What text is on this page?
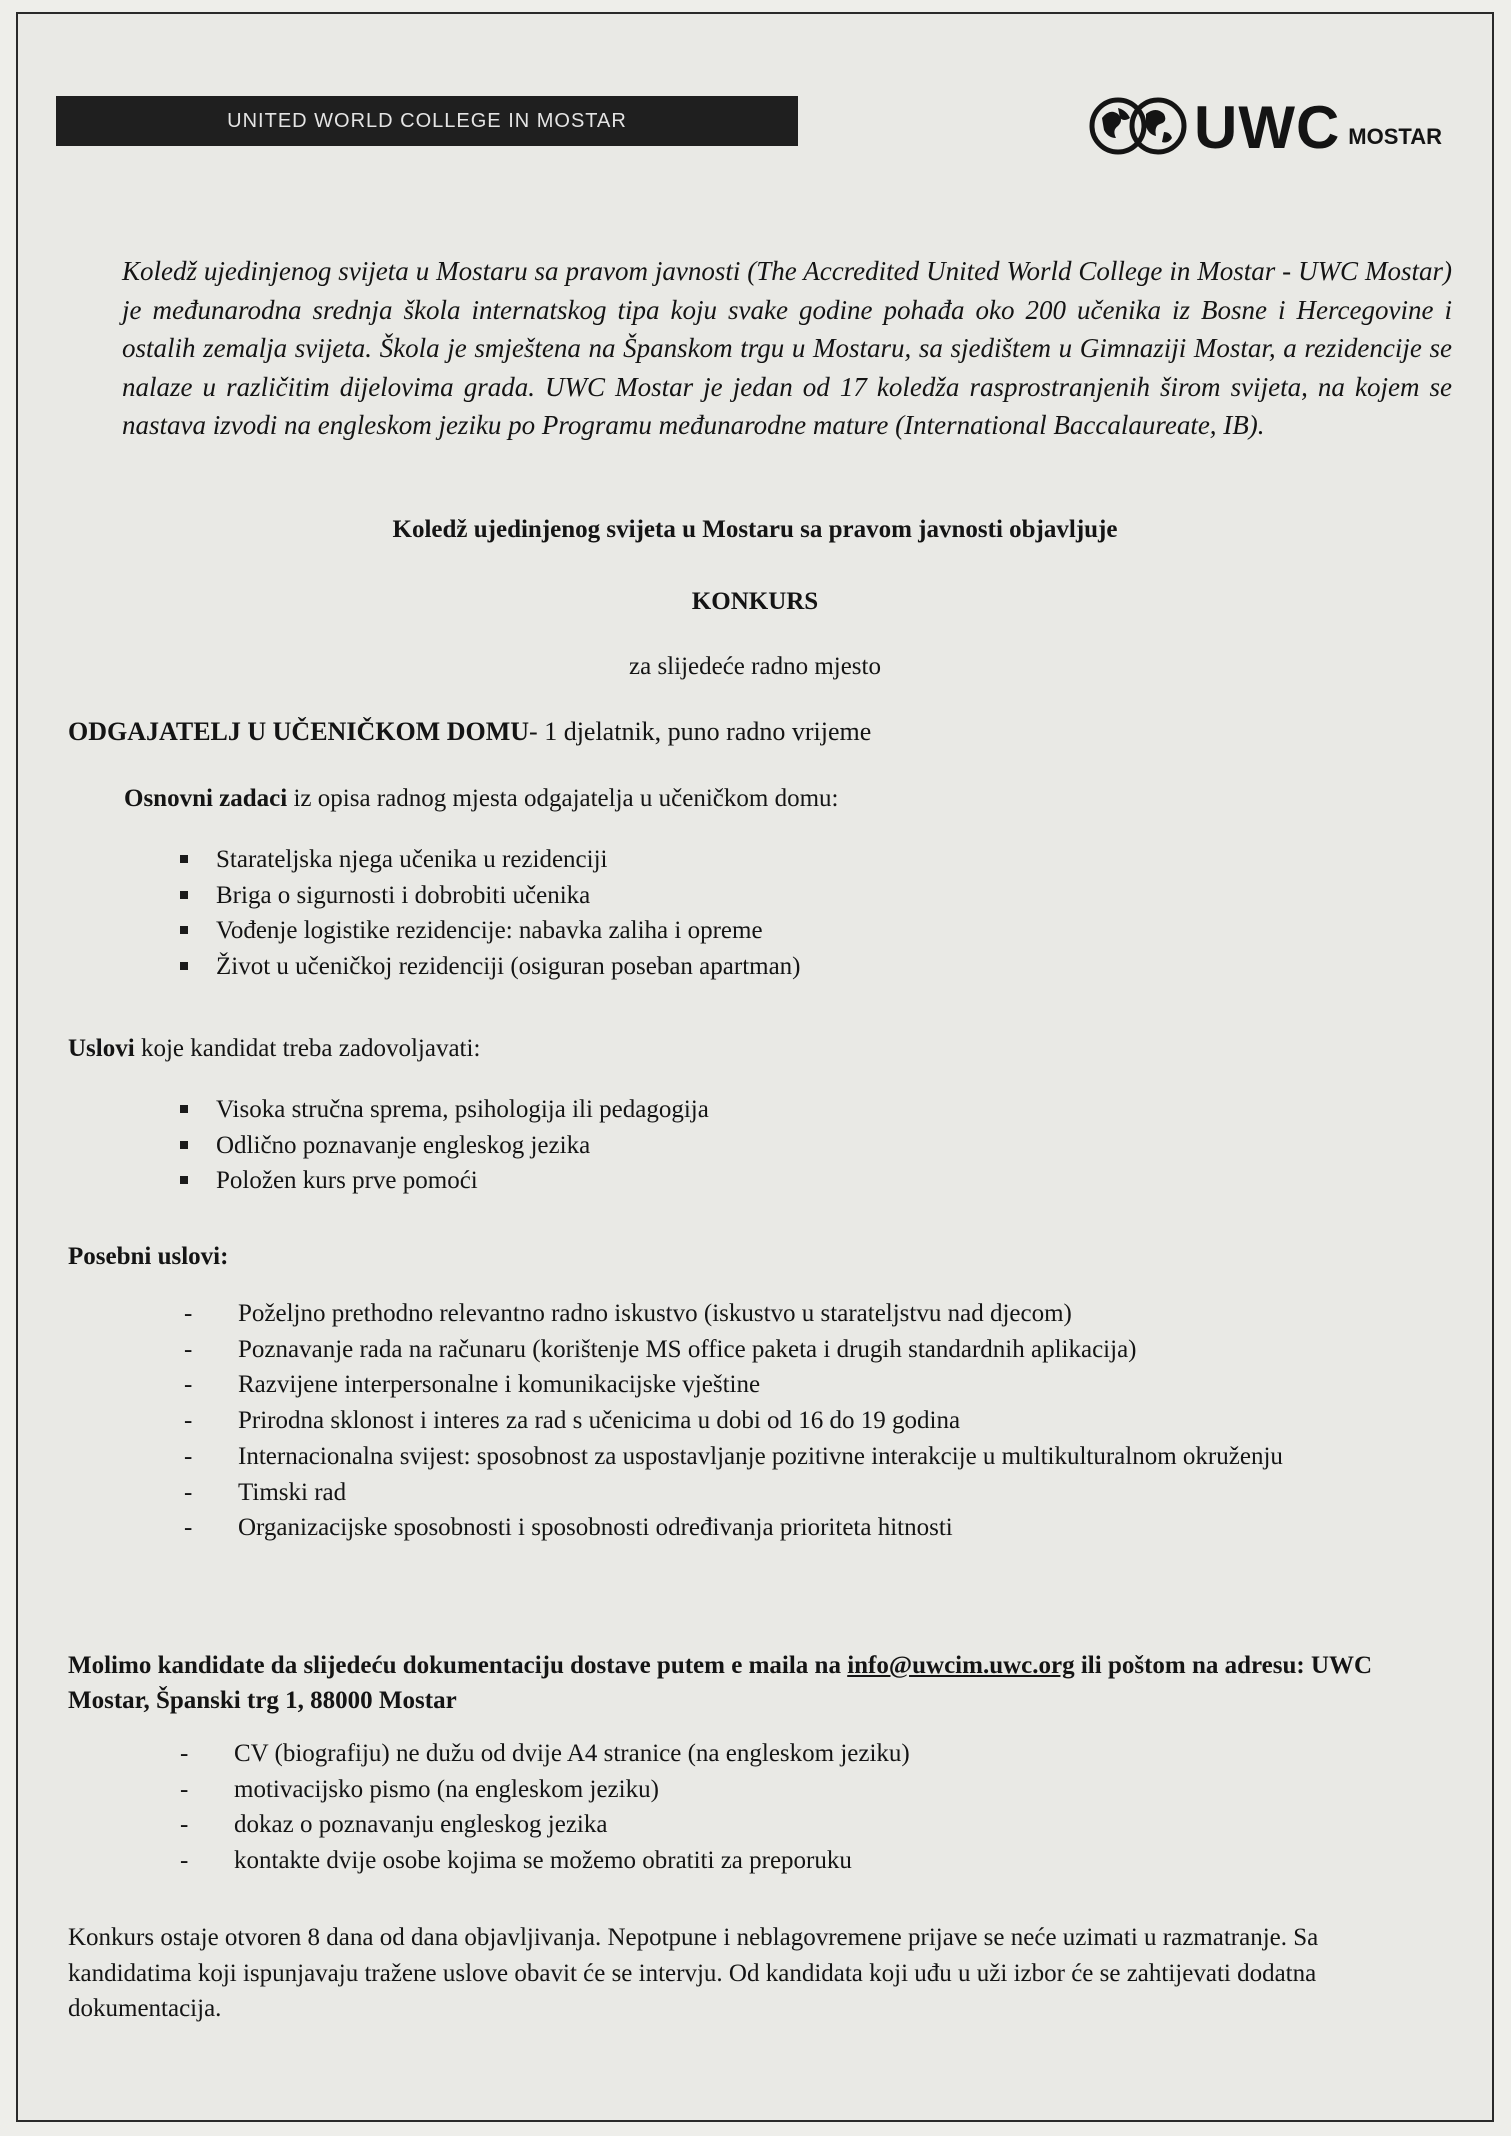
UNITED WORLD COLLEGE IN MOSTAR	UWC MOSTAR

Koledž ujedinjenog svijeta u Mostaru sa pravom javnosti (The Accredited United World College in Mostar - UWC Mostar) je međunarodna srednja škola internatskog tipa koju svake godine pohađa oko 200 učenika iz Bosne i Hercegovine i ostalih zemalja svijeta. Škola je smještena na Španskom trgu u Mostaru, sa sjedištem u Gimnaziji Mostar, a rezidencije se nalaze u različitim dijelovima grada. UWC Mostar je jedan od 17 koledža rasprostranjenih širom svijeta, na kojem se nastava izvodi na engleskom jeziku po Programu međunarodne mature (International Baccalaureate, IB).

Koledž ujedinjenog svijeta u Mostaru sa pravom javnosti objavljuje

KONKURS

za slijedeće radno mjesto

ODGAJATELJ U UČENIČKOM DOMU- 1 djelatnik, puno radno vrijeme

Osnovni zadaci iz opisa radnog mjesta odgajatelja u učeničkom domu:

Starateljska njega učenika u rezidenciji
Briga o sigurnosti i dobrobiti učenika
Vođenje logistike rezidencije: nabavka zaliha i opreme
Život u učeničkoj rezidenciji (osiguran poseban apartman)

Uslovi koje kandidat treba zadovoljavati:

Visoka stručna sprema, psihologija ili pedagogija
Odlično poznavanje engleskog jezika
Položen kurs prve pomoći

Posebni uslovi:

- Poželjno prethodno relevantno radno iskustvo (iskustvo u starateljstvu nad djecom)
- Poznavanje rada na računaru (korištenje MS office paketa i drugih standardnih aplikacija)
- Razvijene interpersonalne i komunikacijske vještine
- Prirodna sklonost i interes za rad s učenicima u dobi od 16 do 19 godina
- Internacionalna svijest: sposobnost za uspostavljanje pozitivne interakcije u multikulturalnom okruženju
- Timski rad
- Organizacijske sposobnosti i sposobnosti određivanja prioriteta hitnosti

Molimo kandidate da slijedeću dokumentaciju dostave putem e maila na info@uwcim.uwc.org ili poštom na adresu: UWC Mostar, Španski trg 1, 88000 Mostar

- CV (biografiju) ne dužu od dvije A4 stranice (na engleskom jeziku)
- motivacijsko pismo (na engleskom jeziku)
- dokaz o poznavanju engleskog jezika
- kontakte dvije osobe kojima se možemo obratiti za preporuku

Konkurs ostaje otvoren 8 dana od dana objavljivanja. Nepotpune i neblagovremene prijave se neće uzimati u razmatranje. Sa kandidatima koji ispunjavaju tražene uslove obavit će se intervju. Od kandidata koji uđu u uži izbor će se zahtijevati dodatna dokumentacija.
